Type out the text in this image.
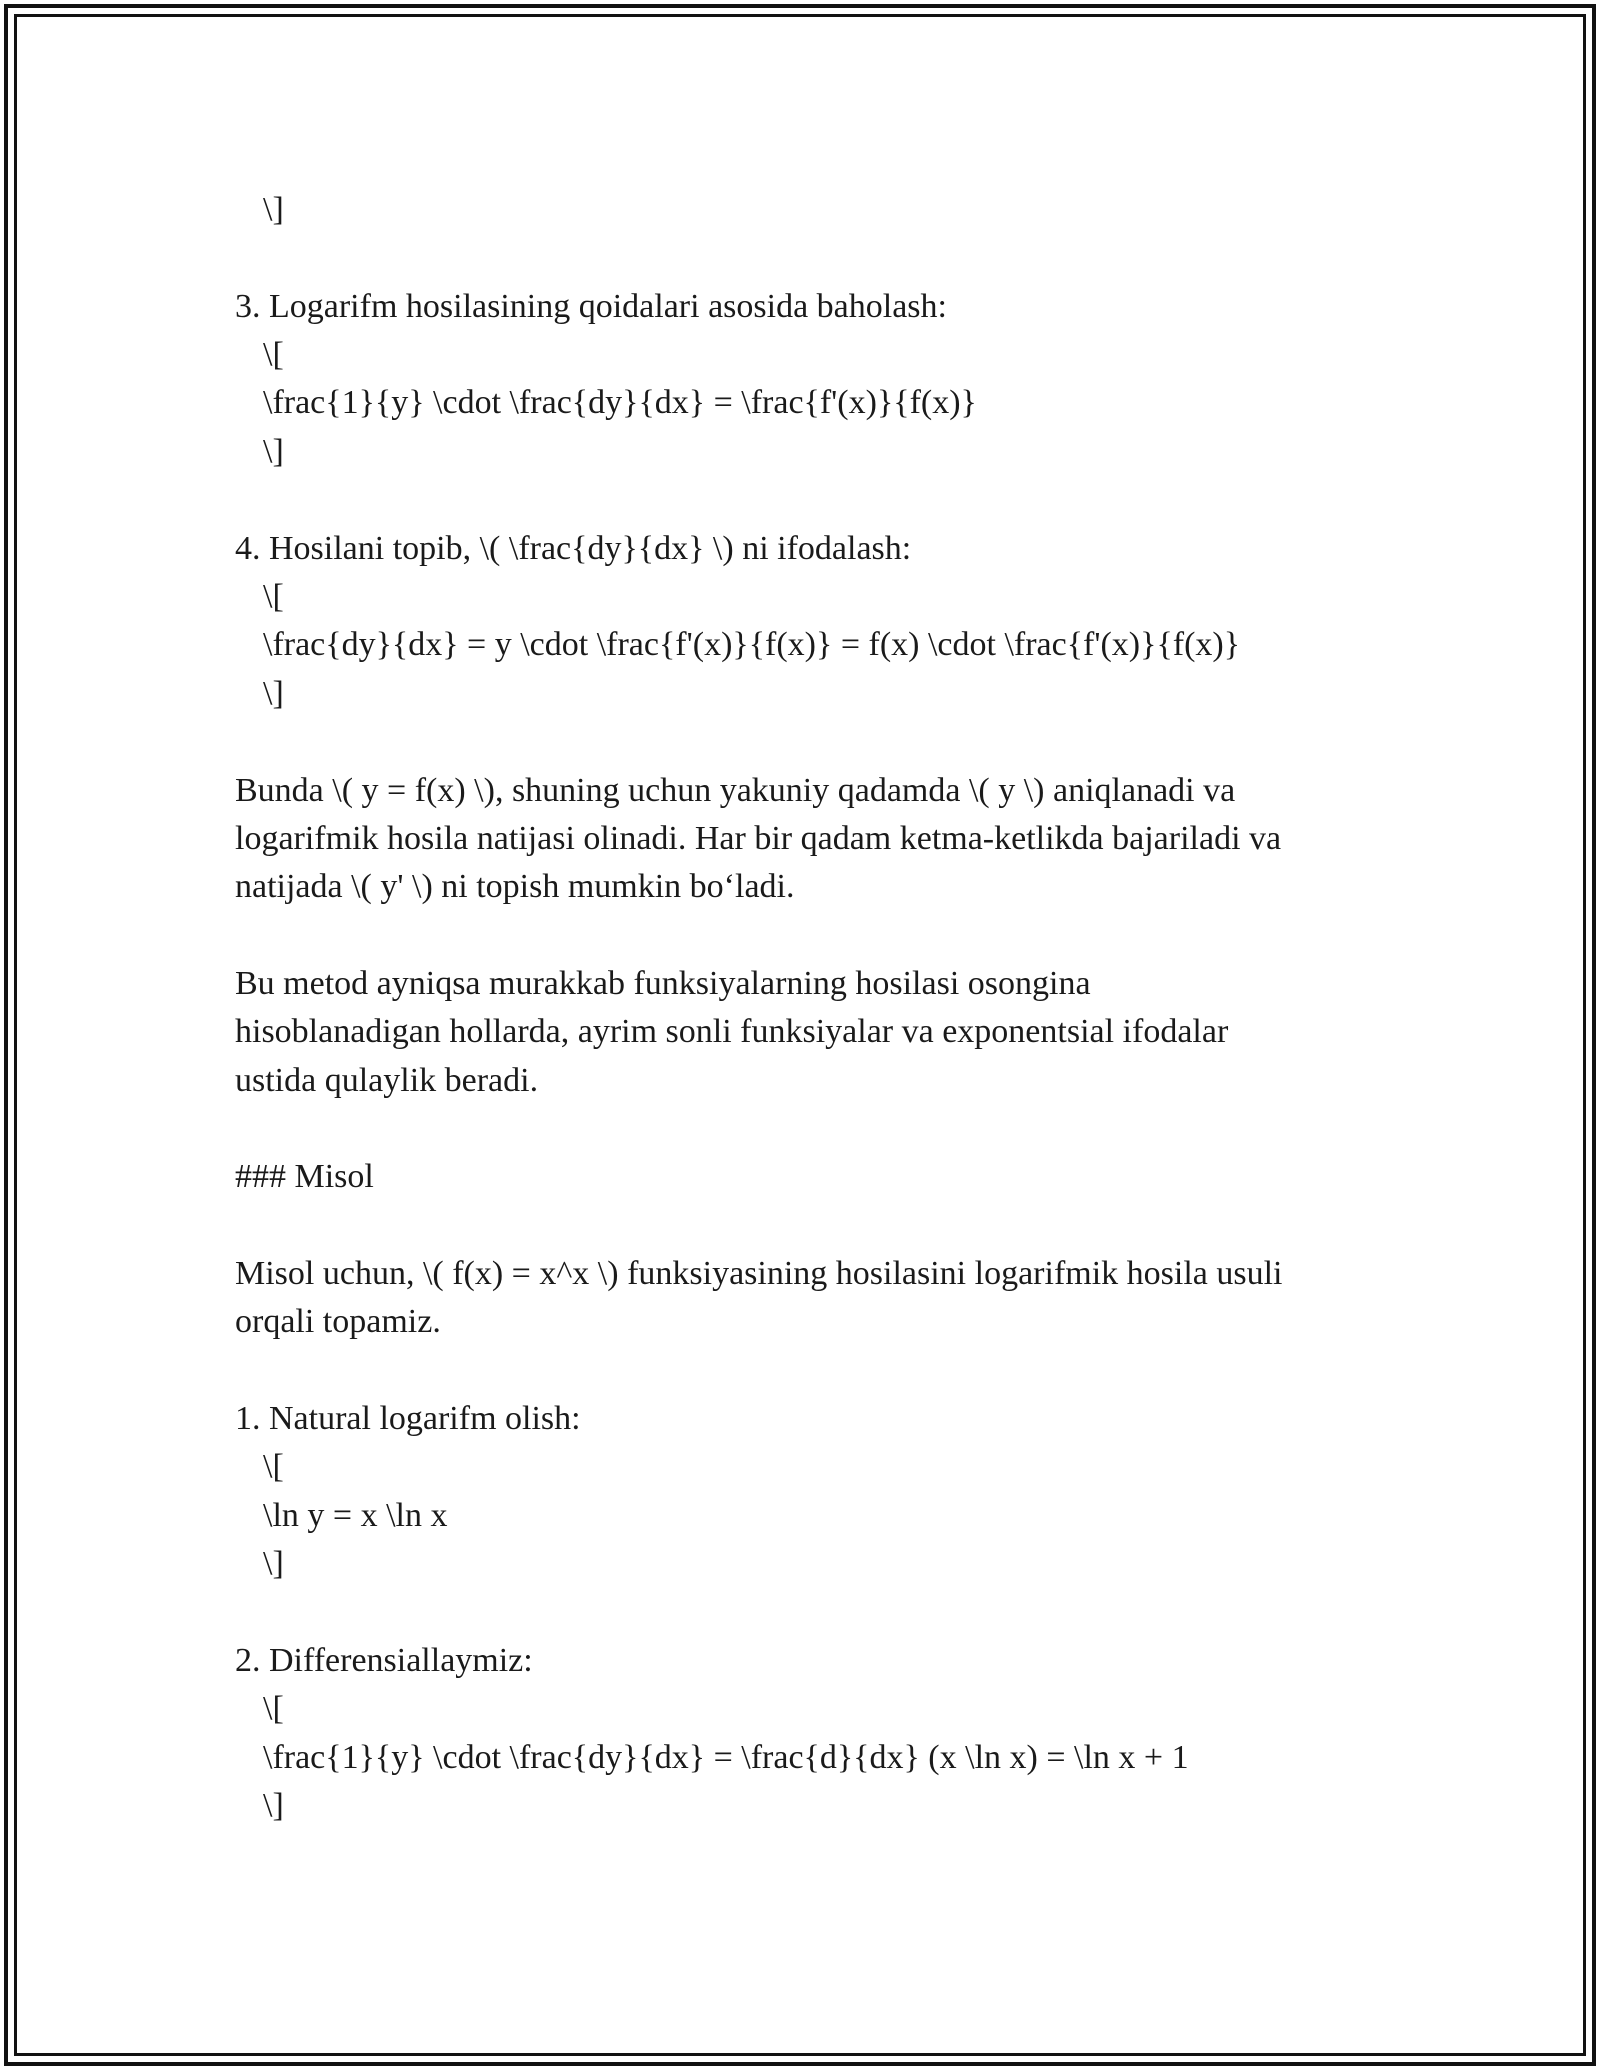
\]

3. Logarifm hosilasining qoidalari asosida baholash:

\[

\frac{1}{y} \cdot \frac{dy}{dx} = \frac{f'(x)}{f(x)}

\]

4. Hosilani topib, \( \frac{dy}{dx} \) ni ifodalash:

\[

\frac{dy}{dx} = y \cdot \frac{f'(x)}{f(x)} = f(x) \cdot \frac{f'(x)}{f(x)}

\]

Bunda \( y = f(x) \), shuning uchun yakuniy qadamda \( y \) aniqlanadi va

logarifmik hosila natijasi olinadi. Har bir qadam ketma-ketlikda bajariladi va

natijada \( y' \) ni topish mumkin bo‘ladi.

Bu metod ayniqsa murakkab funksiyalarning hosilasi osongina

hisoblanadigan hollarda, ayrim sonli funksiyalar va exponentsial ifodalar

ustida qulaylik beradi.

### Misol

Misol uchun, \( f(x) = x^x \) funksiyasining hosilasini logarifmik hosila usuli

orqali topamiz.

1. Natural logarifm olish:

\[

\ln y = x \ln x

\]

2. Differensiallaymiz:

\[

\frac{1}{y} \cdot \frac{dy}{dx} = \frac{d}{dx} (x \ln x) = \ln x + 1

\]
